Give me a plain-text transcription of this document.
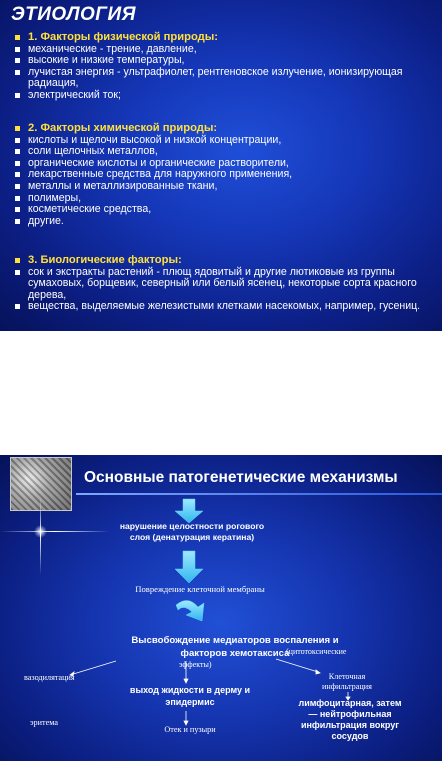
ЭТИОЛОГИЯ
1. Факторы физической природы:
механические - трение, давление,
высокие и низкие температуры,
лучистая энергия - ультрафиолет, рентгеновское излучение, ионизирующая радиация,
электрический ток;
2. Факторы химической природы:
кислоты и щелочи высокой и низкой концентрации,
соли щелочных металлов,
органические кислоты и органические растворители,
лекарственные средства для наружного применения,
металлы и металлизированные ткани,
полимеры,
косметические средства,
другие.
3. Биологические факторы:
сок и экстракты растений - плющ ядовитый и другие лютиковые из группы сумаховых, борщевик, северный или белый ясенец, некоторые сорта красного дерева,
вещества, выделяемые железистыми клетками насекомых, например, гусениц.
Основные патогенетические механизмы
нарушение целостности рогового слоя (денатурация кератина)
Повреждение клеточной мембраны
Высвобождение медиаторов воспаления и факторов хемотаксиса
(цитотоксические
эффекты)
вазодилятация	Клеточная инфильтрация
выход жидкости в дерму и эпидермис
эритема
Отек и пузыри
лимфоцитарная, затем — нейтрофильная инфильтрация вокруг сосудов
